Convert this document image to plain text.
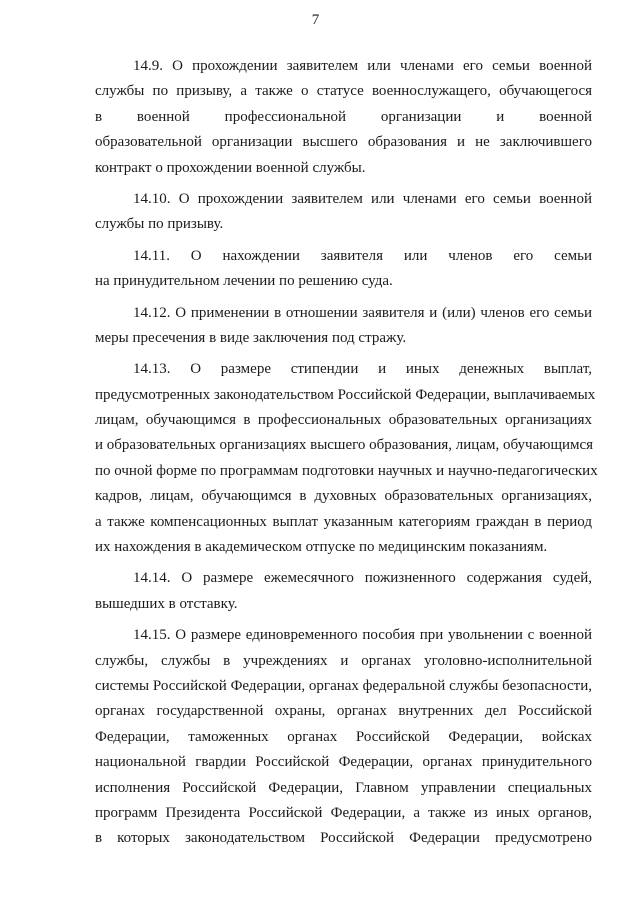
7
14.9. О прохождении заявителем или членами его семьи военной
службы по призыву, а также о статусе военнослужащего, обучающегося
в военной профессиональной организации и военной
образовательной организации высшего образования и не заключившего
контракт о прохождении военной службы.
14.10. О прохождении заявителем или членами его семьи военной
службы по призыву.
14.11. О нахождении заявителя или членов его семьи
на принудительном лечении по решению суда.
14.12. О применении в отношении заявителя и (или) членов его семьи
меры пресечения в виде заключения под стражу.
14.13. О размере стипендии и иных денежных выплат,
предусмотренных законодательством Российской Федерации, выплачиваемых
лицам, обучающимся в профессиональных образовательных организациях
и образовательных организациях высшего образования, лицам, обучающимся
по очной форме по программам подготовки научных и научно-педагогических
кадров, лицам, обучающимся в духовных образовательных организациях,
а также компенсационных выплат указанным категориям граждан в период
их нахождения в академическом отпуске по медицинским показаниям.
14.14. О размере ежемесячного пожизненного содержания судей,
вышедших в отставку.
14.15. О размере единовременного пособия при увольнении с военной
службы, службы в учреждениях и органах уголовно-исполнительной
системы Российской Федерации, органах федеральной службы безопасности,
органах государственной охраны, органах внутренних дел Российской
Федерации, таможенных органах Российской Федерации, войсках
национальной гвардии Российской Федерации, органах принудительного
исполнения Российской Федерации, Главном управлении специальных
программ Президента Российской Федерации, а также из иных органов,
в которых законодательством Российской Федерации предусмотрено
